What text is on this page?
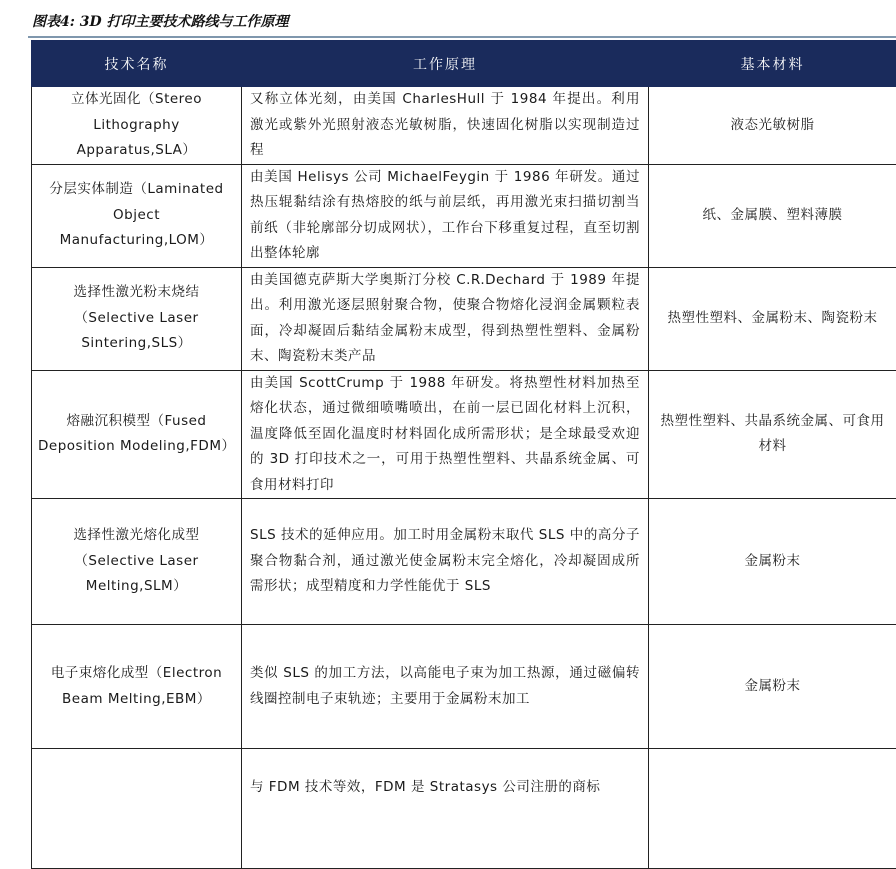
图表4: 3D 打印主要技术路线与工作原理
技术名称	工作原理	基本材料
立体光固化（Stereo Lithography Apparatus,SLA）	又称立体光刻，由美国 CharlesHull 于 1984 年提出。利用激光或紫外光照射液态光敏树脂，快速固化树脂以实现制造过程	液态光敏树脂
分层实体制造（Laminated Object Manufacturing,LOM）	由美国 Helisys 公司 MichaelFeygin 于 1986 年研发。通过热压辊黏结涂有热熔胶的纸与前层纸，再用激光束扫描切割当前纸（非轮廓部分切成网状），工作台下移重复过程，直至切割出整体轮廓	纸、金属膜、塑料薄膜
选择性激光粉末烧结（Selective Laser Sintering,SLS）	由美国德克萨斯大学奥斯汀分校 C.R.Dechard 于 1989 年提出。利用激光逐层照射聚合物，使聚合物熔化浸润金属颗粒表面，冷却凝固后黏结金属粉末成型，得到热塑性塑料、金属粉末、陶瓷粉末类产品	热塑性塑料、金属粉末、陶瓷粉末
熔融沉积模型（Fused Deposition Modeling,FDM）	由美国 ScottCrump 于 1988 年研发。将热塑性材料加热至熔化状态，通过微细喷嘴喷出，在前一层已固化材料上沉积，温度降低至固化温度时材料固化成所需形状；是全球最受欢迎的 3D 打印技术之一，可用于热塑性塑料、共晶系统金属、可食用材料打印	热塑性塑料、共晶系统金属、可食用材料
选择性激光熔化成型（Selective Laser Melting,SLM）	SLS 技术的延伸应用。加工时用金属粉末取代 SLS 中的高分子聚合物黏合剂，通过激光使金属粉末完全熔化，冷却凝固成所需形状；成型精度和力学性能优于 SLS	金属粉末
电子束熔化成型（Electron Beam Melting,EBM）	类似 SLS 的加工方法，以高能电子束为加工热源，通过磁偏转线圈控制电子束轨迹；主要用于金属粉末加工	金属粉末
	与 FDM 技术等效，FDM 是 Stratasys 公司注册的商标	
